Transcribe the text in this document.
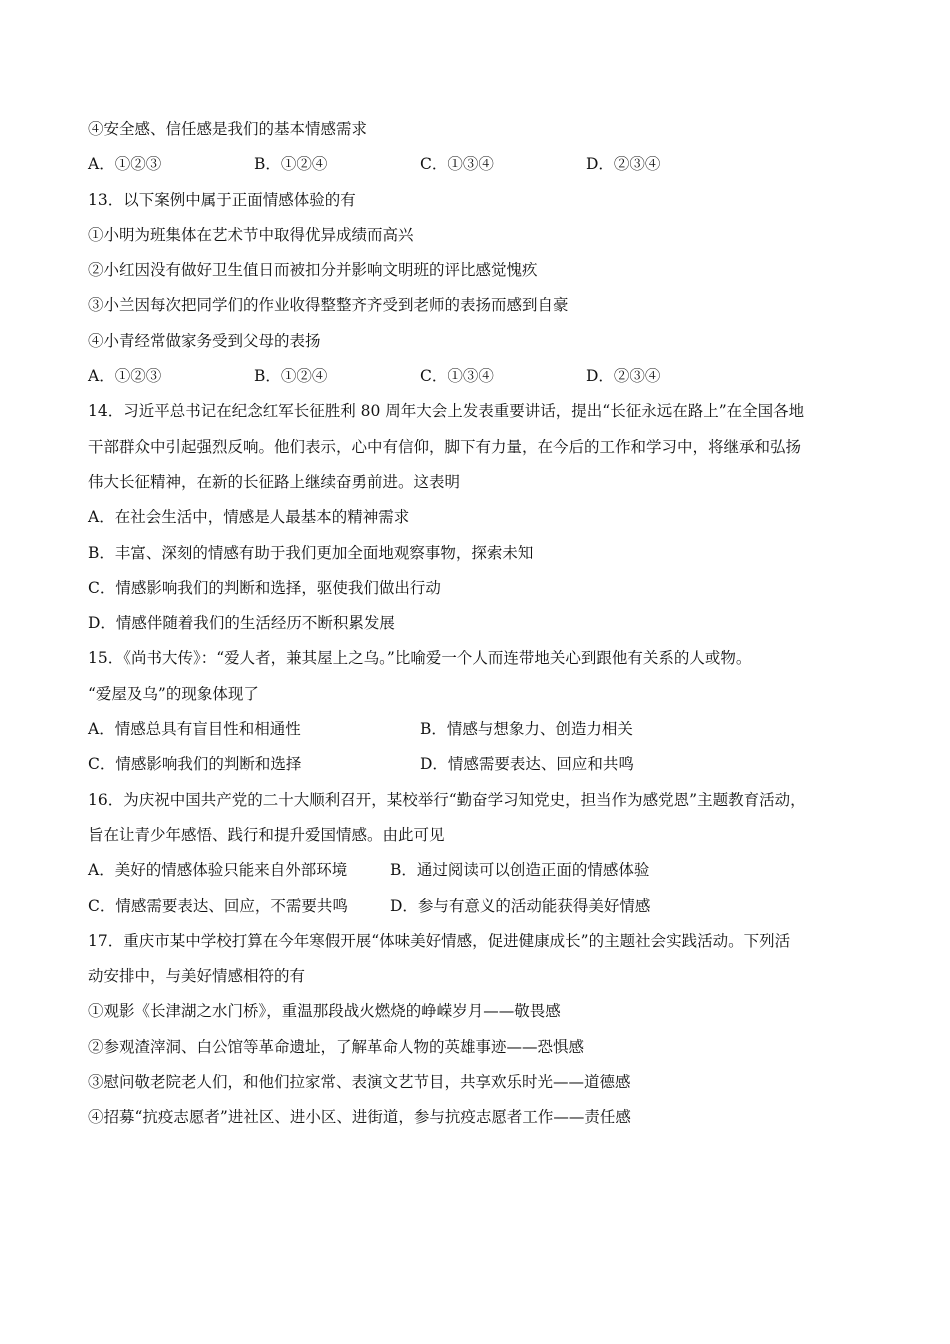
④安全感、信任感是我们的基本情感需求
A．①②③	B．①②④	C．①③④	D．②③④
13．以下案例中属于正面情感体验的有
①小明为班集体在艺术节中取得优异成绩而高兴
②小红因没有做好卫生值日而被扣分并影响文明班的评比感觉愧疚
③小兰因每次把同学们的作业收得整整齐齐受到老师的表扬而感到自豪
④小青经常做家务受到父母的表扬
A．①②③	B．①②④	C．①③④	D．②③④
14．习近平总书记在纪念红军长征胜利 80 周年大会上发表重要讲话，提出“长征永远在路上”在全国各地
干部群众中引起强烈反响。他们表示，心中有信仰，脚下有力量，在今后的工作和学习中，将继承和弘扬
伟大长征精神，在新的长征路上继续奋勇前进。这表明
A．在社会生活中，情感是人最基本的精神需求
B．丰富、深刻的情感有助于我们更加全面地观察事物，探索未知
C．情感影响我们的判断和选择，驱使我们做出行动
D．情感伴随着我们的生活经历不断积累发展
15．《尚书大传》：“爱人者，兼其屋上之乌。”比喻爱一个人而连带地关心到跟他有关系的人或物。
“爱屋及乌”的现象体现了
A．情感总具有盲目性和相通性	B．情感与想象力、创造力相关
C．情感影响我们的判断和选择	D．情感需要表达、回应和共鸣
16．为庆祝中国共产党的二十大顺利召开，某校举行“勤奋学习知党史，担当作为感党恩”主题教育活动，
旨在让青少年感悟、践行和提升爱国情感。由此可见
A．美好的情感体验只能来自外部环境	B．通过阅读可以创造正面的情感体验
C．情感需要表达、回应，不需要共鸣	D．参与有意义的活动能获得美好情感
17．重庆市某中学校打算在今年寒假开展“体味美好情感，促进健康成长”的主题社会实践活动。下列活
动安排中，与美好情感相符的有
①观影《长津湖之水门桥》，重温那段战火燃烧的峥嵘岁月——敬畏感
②参观渣滓洞、白公馆等革命遗址，了解革命人物的英雄事迹——恐惧感
③慰问敬老院老人们，和他们拉家常、表演文艺节目，共享欢乐时光——道德感
④招募“抗疫志愿者”进社区、进小区、进街道，参与抗疫志愿者工作——责任感
